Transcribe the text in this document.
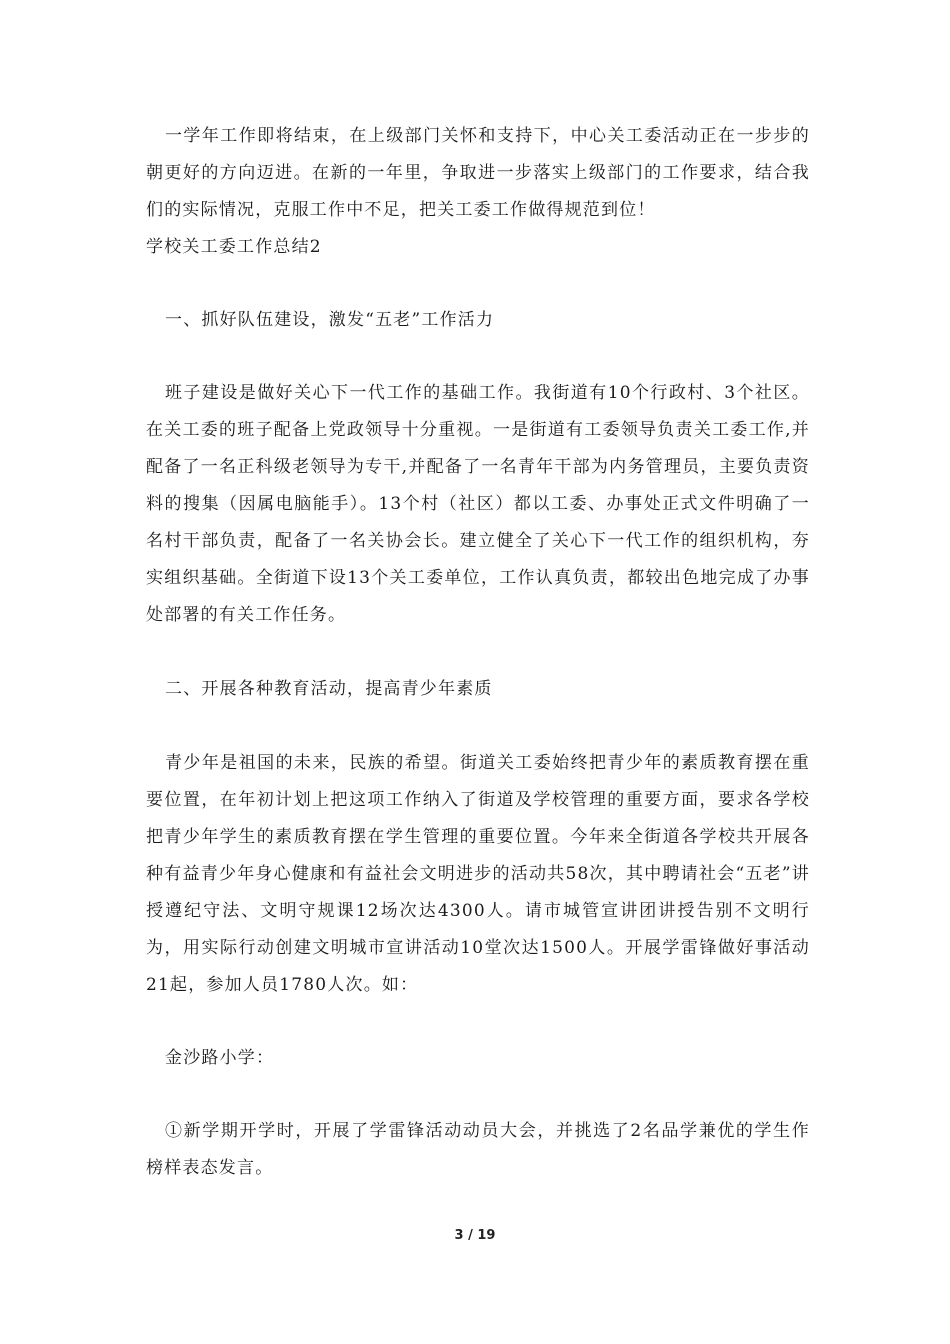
一学年工作即将结束，在上级部门关怀和支持下，中心关工委活动正在一步步的朝更好的方向迈进。在新的一年里，争取进一步落实上级部门的工作要求，结合我们的实际情况，克服工作中不足，把关工委工作做得规范到位！

学校关工委工作总结2

一、抓好队伍建设，激发“五老”工作活力

班子建设是做好关心下一代工作的基础工作。我街道有10个行政村、3个社区。在关工委的班子配备上党政领导十分重视。一是街道有工委领导负责关工委工作,并配备了一名正科级老领导为专干,并配备了一名青年干部为内务管理员，主要负责资料的搜集（因属电脑能手）。13个村（社区）都以工委、办事处正式文件明确了一名村干部负责，配备了一名关协会长。建立健全了关心下一代工作的组织机构，夯实组织基础。全街道下设13个关工委单位，工作认真负责，都较出色地完成了办事处部署的有关工作任务。

二、开展各种教育活动，提高青少年素质

青少年是祖国的未来，民族的希望。街道关工委始终把青少年的素质教育摆在重要位置，在年初计划上把这项工作纳入了街道及学校管理的重要方面，要求各学校把青少年学生的素质教育摆在学生管理的重要位置。今年来全街道各学校共开展各种有益青少年身心健康和有益社会文明进步的活动共58次，其中聘请社会“五老”讲授遵纪守法、文明守规课12场次达4300人。请市城管宣讲团讲授告别不文明行为，用实际行动创建文明城市宣讲活动10堂次达1500人。开展学雷锋做好事活动21起，参加人员1780人次。如：

金沙路小学：

①新学期开学时，开展了学雷锋活动动员大会，并挑选了2名品学兼优的学生作榜样表态发言。

3 / 19
